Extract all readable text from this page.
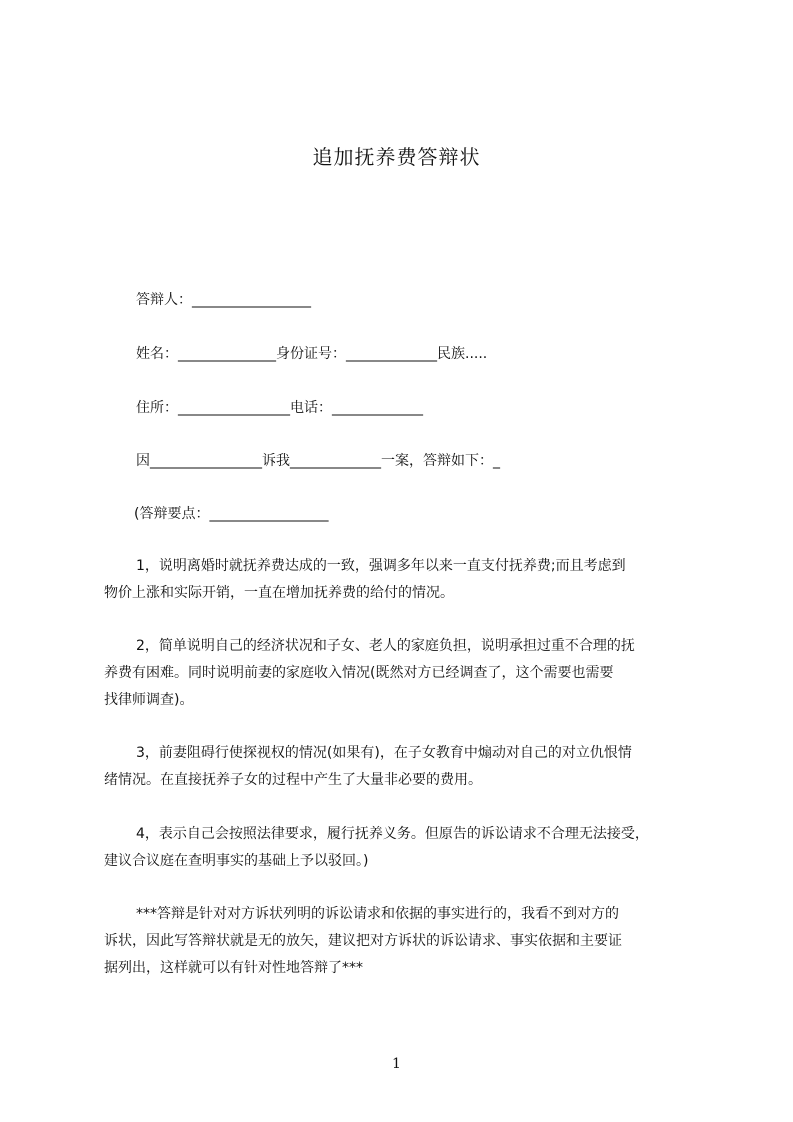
追加抚养费答辩状
答辩人：_________________
姓名：______________身份证号：_____________民族.....
住所：________________电话：_____________
因________________诉我_____________一案，答辩如下：_
(答辩要点：_________________

1，说明离婚时就抚养费达成的一致，强调多年以来一直支付抚养费;而且考虑到

物价上涨和实际开销，一直在增加抚养费的给付的情况。

2，简单说明自己的经济状况和子女、老人的家庭负担，说明承担过重不合理的抚

养费有困难。同时说明前妻的家庭收入情况(既然对方已经调查了，这个需要也需要

找律师调查)。

3，前妻阻碍行使探视权的情况(如果有)，在子女教育中煽动对自己的对立仇恨情

绪情况。在直接抚养子女的过程中产生了大量非必要的费用。

4，表示自己会按照法律要求，履行抚养义务。但原告的诉讼请求不合理无法接受，

建议合议庭在查明事实的基础上予以驳回。)

***答辩是针对对方诉状列明的诉讼请求和依据的事实进行的，我看不到对方的

诉状，因此写答辩状就是无的放矢，建议把对方诉状的诉讼请求、事实依据和主要证

据列出，这样就可以有针对性地答辩了***

1
